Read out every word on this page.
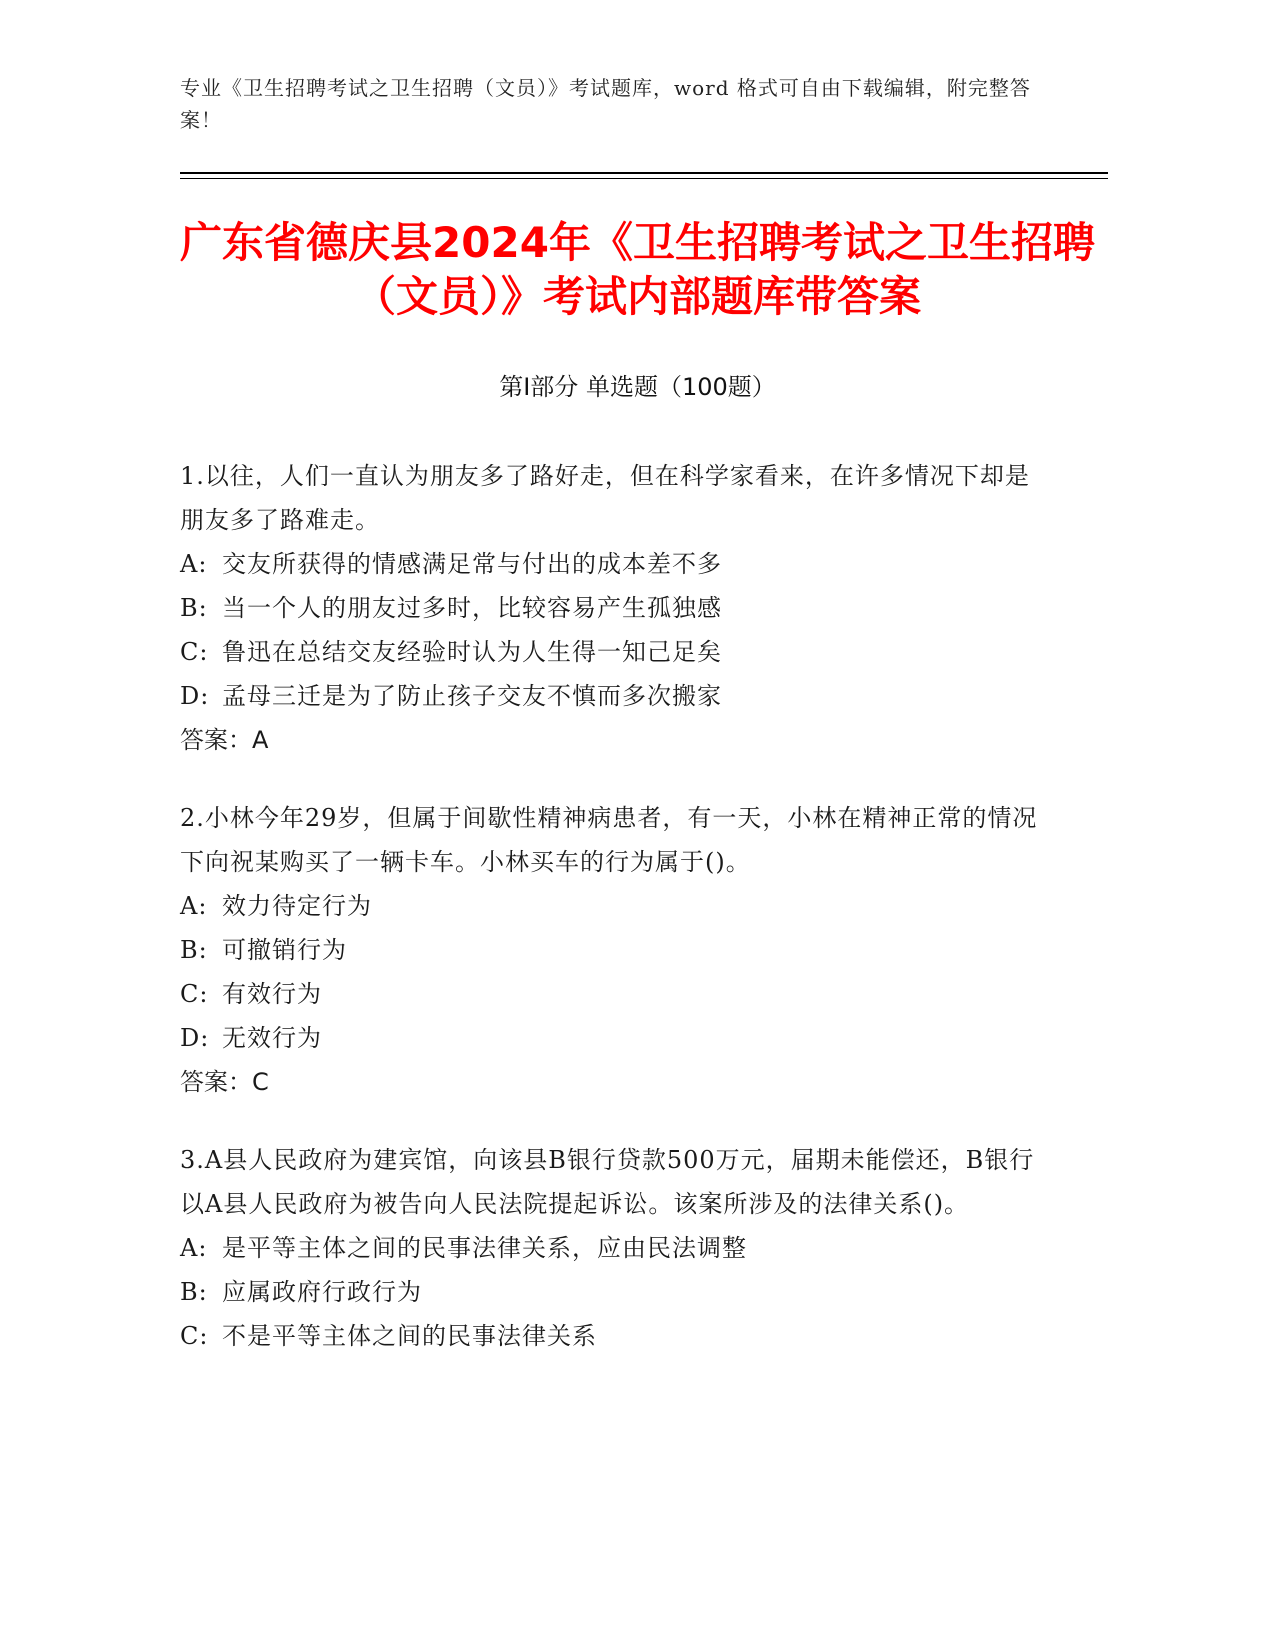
专业《卫生招聘考试之卫生招聘（文员）》考试题库，word 格式可自由下载编辑，附完整答案！
广东省德庆县2024年《卫生招聘考试之卫生招聘（文员）》考试内部题库带答案
第Ⅰ部分 单选题（100题）

1.以往，人们一直认为朋友多了路好走，但在科学家看来，在许多情况下却是朋友多了路难走。

A: 交友所获得的情感满足常与付出的成本差不多

B: 当一个人的朋友过多时，比较容易产生孤独感

C: 鲁迅在总结交友经验时认为人生得一知己足矣

D: 孟母三迁是为了防止孩子交友不慎而多次搬家

答案：A

2.小林今年29岁，但属于间歇性精神病患者，有一天，小林在精神正常的情况下向祝某购买了一辆卡车。小林买车的行为属于()。

A: 效力待定行为

B: 可撤销行为

C: 有效行为

D: 无效行为

答案：C

3.A县人民政府为建宾馆，向该县B银行贷款500万元，届期未能偿还，B银行以A县人民政府为被告向人民法院提起诉讼。该案所涉及的法律关系()。

A: 是平等主体之间的民事法律关系，应由民法调整

B: 应属政府行政行为

C: 不是平等主体之间的民事法律关系
